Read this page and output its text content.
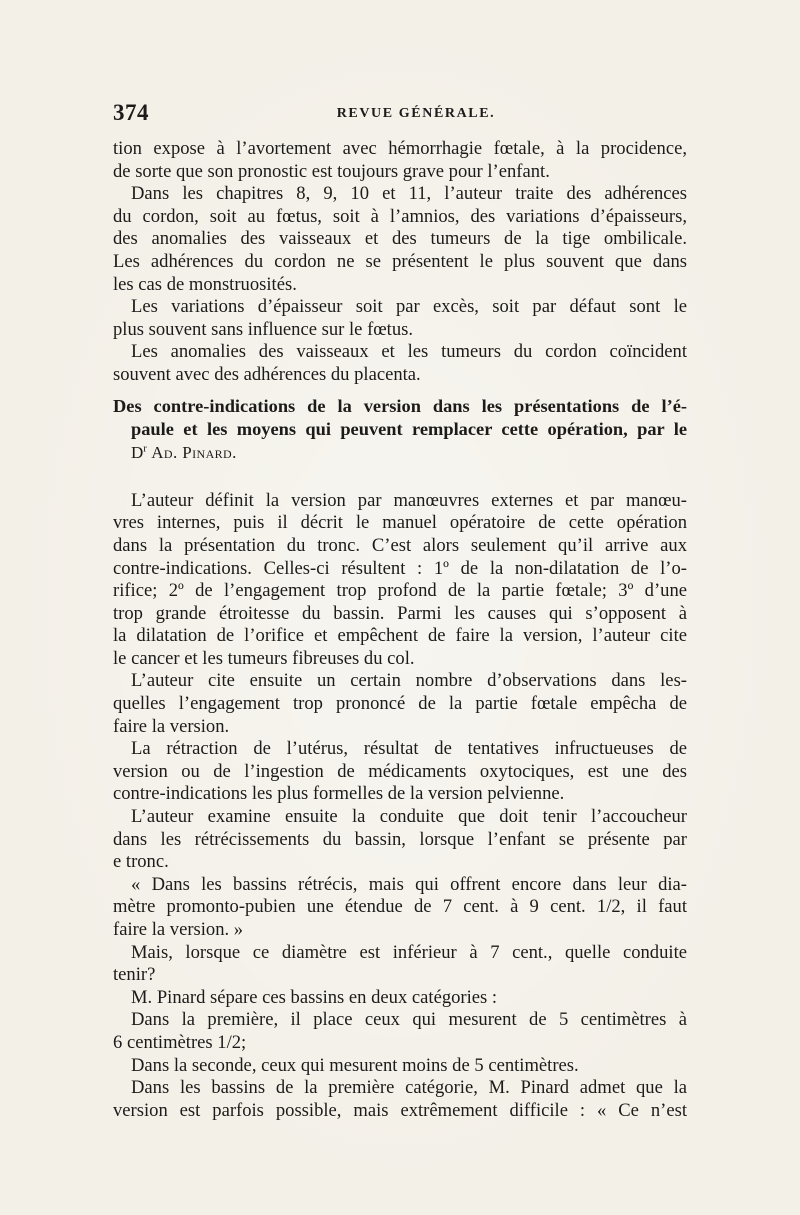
374	REVUE GÉNÉRALE.
tion expose à l’avortement avec hémorrhagie fœtale, à la procidence,
de sorte que son pronostic est toujours grave pour l’enfant.
Dans les chapitres 8, 9, 10 et 11, l’auteur traite des adhérences
du cordon, soit au fœtus, soit à l’amnios, des variations d’épaisseurs,
des anomalies des vaisseaux et des tumeurs de la tige ombilicale.
Les adhérences du cordon ne se présentent le plus souvent que dans
les cas de monstruosités.
Les variations d’épaisseur soit par excès, soit par défaut sont le
plus souvent sans influence sur le fœtus.
Les anomalies des vaisseaux et les tumeurs du cordon coïncident
souvent avec des adhérences du placenta.
Des contre-indications de la version dans les présentations de l’é-
paule et les moyens qui peuvent remplacer cette opération, par le
$D^r$ Ad. Pinard.
L’auteur définit la version par manœuvres externes et par manœu-
vres internes, puis il décrit le manuel opératoire de cette opération
dans la présentation du tronc. C’est alors seulement qu’il arrive aux
contre-indications. Celles-ci résultent : 1º de la non-dilatation de l’o-
rifice; 2º de l’engagement trop profond de la partie fœtale; 3º d’une
trop grande étroitesse du bassin. Parmi les causes qui s’opposent à
la dilatation de l’orifice et empêchent de faire la version, l’auteur cite
le cancer et les tumeurs fibreuses du col.
L’auteur cite ensuite un certain nombre d’observations dans les-
quelles l’engagement trop prononcé de la partie fœtale empêcha de
faire la version.
La rétraction de l’utérus, résultat de tentatives infructueuses de
version ou de l’ingestion de médicaments oxytociques, est une des
contre-indications les plus formelles de la version pelvienne.
L’auteur examine ensuite la conduite que doit tenir l’accoucheur
dans les rétrécissements du bassin, lorsque l’enfant se présente par
e tronc.
« Dans les bassins rétrécis, mais qui offrent encore dans leur dia-
mètre promonto-pubien une étendue de 7 cent. à 9 cent. 1/2, il faut
faire la version. »
Mais, lorsque ce diamètre est inférieur à 7 cent., quelle conduite
tenir?
M. Pinard sépare ces bassins en deux catégories :
Dans la première, il place ceux qui mesurent de 5 centimètres à
6 centimètres 1/2;
Dans la seconde, ceux qui mesurent moins de 5 centimètres.
Dans les bassins de la première catégorie, M. Pinard admet que la
version est parfois possible, mais extrêmement difficile : « Ce n’est
